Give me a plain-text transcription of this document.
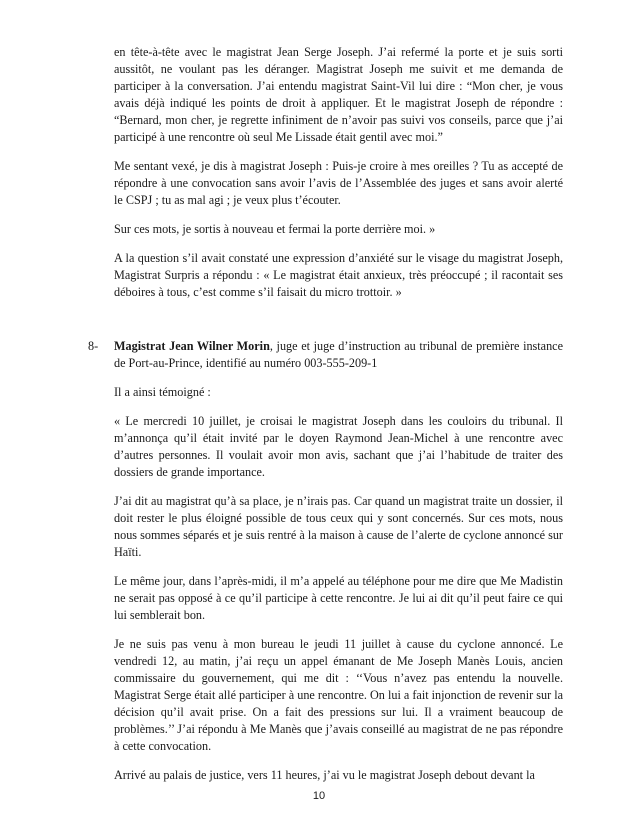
en tête-à-tête avec le magistrat Jean Serge Joseph. J’ai refermé la porte et je suis sorti aussitôt, ne voulant pas les déranger. Magistrat Joseph me suivit et me demanda de participer à la conversation. J’ai entendu magistrat Saint-Vil lui dire : “Mon cher, je vous avais déjà indiqué les points de droit à appliquer. Et le magistrat Joseph de répondre : “Bernard, mon cher, je regrette infiniment de n’avoir pas suivi vos conseils, parce que j’ai participé à une rencontre où seul Me Lissade était gentil avec moi.”

Me sentant vexé, je dis à magistrat Joseph : Puis-je croire à mes oreilles ? Tu as accepté de répondre à une convocation sans avoir l’avis de l’Assemblée des juges et sans avoir alerté le CSPJ ; tu as mal agi ; je veux plus t’écouter.

Sur ces mots, je sortis à nouveau et fermai la porte derrière moi. »

A la question s’il avait constaté une expression d’anxiété sur le visage du magistrat Joseph, Magistrat Surpris a répondu : « Le magistrat était anxieux, très préoccupé ; il racontait ses déboires à tous, c’est comme s’il faisait du micro trottoir. »

8-	Magistrat Jean Wilner Morin, juge et juge d’instruction au tribunal de première instance de Port-au-Prince, identifié au numéro 003-555-209-1

Il a ainsi témoigné :

« Le mercredi 10 juillet, je croisai le magistrat Joseph dans les couloirs du tribunal. Il m’annonça qu’il était invité par le doyen Raymond Jean-Michel à une rencontre avec d’autres personnes. Il voulait avoir mon avis, sachant que j’ai l’habitude de traiter des dossiers de grande importance.

J’ai dit au magistrat qu’à sa place, je n’irais pas. Car quand un magistrat traite un dossier, il doit rester le plus éloigné possible de tous ceux qui y sont concernés. Sur ces mots, nous nous sommes séparés et je suis rentré à la maison à cause de l’alerte de cyclone annoncé sur Haïti.

Le même jour, dans l’après-midi, il m’a appelé au téléphone pour me dire que Me Madistin ne serait pas opposé à ce qu’il participe à cette rencontre. Je lui ai dit qu’il peut faire ce qui lui semblerait bon.

Je ne suis pas venu à mon bureau le jeudi 11 juillet à cause du cyclone annoncé. Le vendredi 12, au matin, j’ai reçu un appel émanant de Me Joseph Manès Louis, ancien commissaire du gouvernement, qui me dit : ‘‘Vous n’avez pas entendu la nouvelle. Magistrat Serge était allé participer à une rencontre. On lui a fait injonction de revenir sur la décision qu’il avait prise. On a fait des pressions sur lui. Il a vraiment beaucoup de problèmes.’’ J’ai répondu à Me Manès que j’avais conseillé au magistrat de ne pas répondre à cette convocation.

Arrivé au palais de justice, vers 11 heures, j’ai vu le magistrat Joseph debout devant la

10
